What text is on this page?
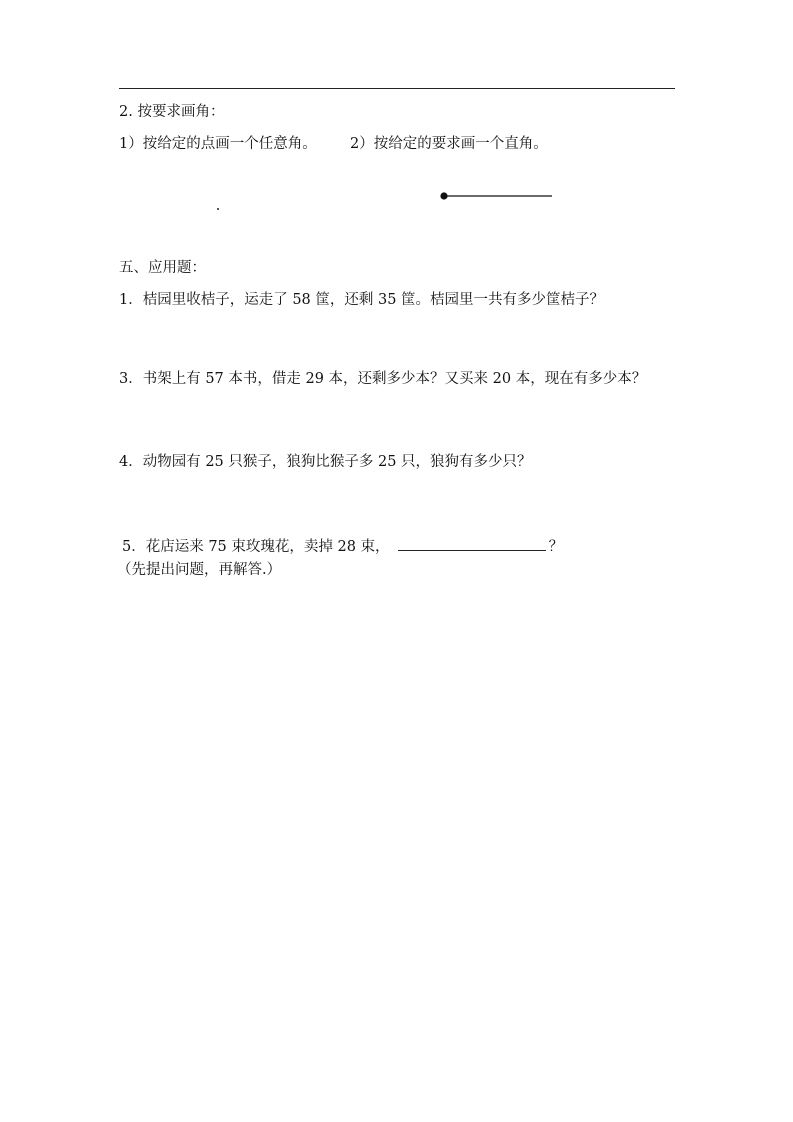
2. 按要求画角：
1）按给定的点画一个任意角。 2）按给定的要求画一个直角。
五、应用题：
1．桔园里收桔子，运走了 58 筐，还剩 35 筐。桔园里一共有多少筐桔子？
3．书架上有 57 本书，借走 29 本，还剩多少本？又买来 20 本，现在有多少本？
4．动物园有 25 只猴子，狼狗比猴子多 25 只，狼狗有多少只？
5．花店运来 75 束玫瑰花，卖掉 28 束，	？
（先提出问题，再解答.）
